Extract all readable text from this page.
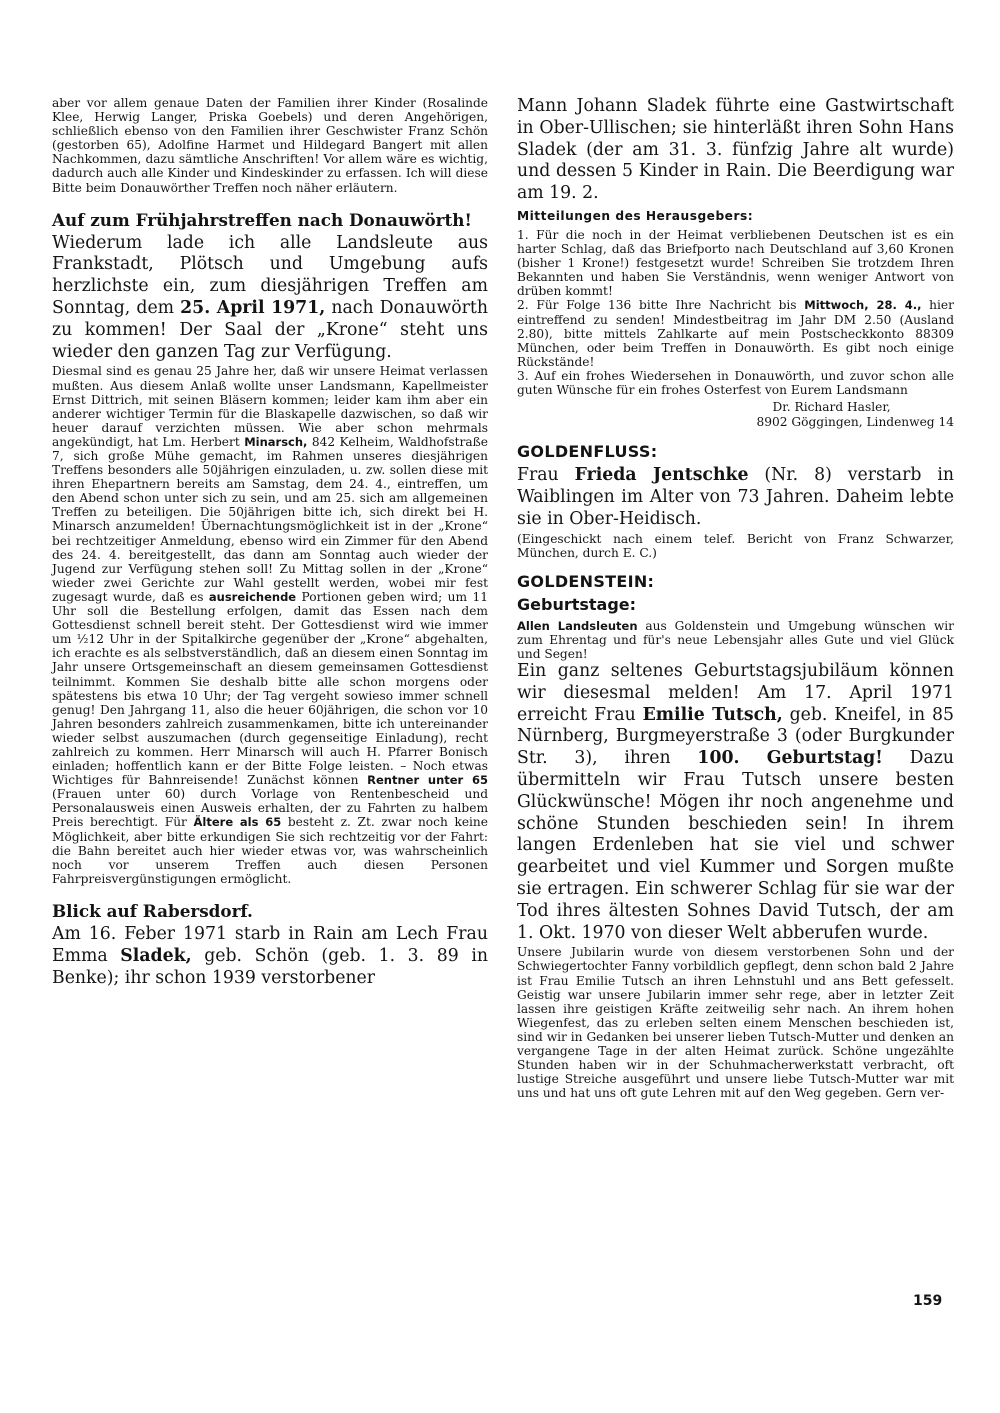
aber vor allem genaue Daten der Familien ihrer Kinder (Rosalinde Klee, Herwig Langer, Priska Goebels) und deren Angehörigen, schließlich ebenso von den Familien ihrer Geschwister Franz Schön (gestorben 65), Adolfine Harmet und Hildegard Bangert mit allen Nachkommen, dazu sämtliche Anschriften! Vor allem wäre es wichtig, dadurch auch alle Kinder und Kindeskinder zu erfassen. Ich will diese Bitte beim Donauwörther Treffen noch näher erläutern.

Auf zum Frühjahrstreffen nach Donauwörth!

Wiederum lade ich alle Landsleute aus Frankstadt, Plötsch und Umgebung aufs herzlichste ein, zum diesjährigen Treffen am Sonntag, dem 25. April 1971, nach Donauwörth zu kommen! Der Saal der „Krone“ steht uns wieder den ganzen Tag zur Verfügung.

Diesmal sind es genau 25 Jahre her, daß wir unsere Heimat verlassen mußten. Aus diesem Anlaß wollte unser Landsmann, Kapellmeister Ernst Dittrich, mit seinen Bläsern kommen; leider kam ihm aber ein anderer wichtiger Termin für die Blaskapelle dazwischen, so daß wir heuer darauf verzichten müssen. Wie aber schon mehrmals angekündigt, hat Lm. Herbert Minarsch, 842 Kelheim, Waldhofstraße 7, sich große Mühe gemacht, im Rahmen unseres diesjährigen Treffens besonders alle 50jährigen einzuladen, u. zw. sollen diese mit ihren Ehepartnern bereits am Samstag, dem 24. 4., eintreffen, um den Abend schon unter sich zu sein, und am 25. sich am allgemeinen Treffen zu beteiligen. Die 50jährigen bitte ich, sich direkt bei H. Minarsch anzumelden! Übernachtungsmöglichkeit ist in der „Krone“ bei rechtzeitiger Anmeldung, ebenso wird ein Zimmer für den Abend des 24. 4. bereitgestellt, das dann am Sonntag auch wieder der Jugend zur Verfügung stehen soll! Zu Mittag sollen in der „Krone“ wieder zwei Gerichte zur Wahl gestellt werden, wobei mir fest zugesagt wurde, daß es ausreichende Portionen geben wird; um 11 Uhr soll die Bestellung erfolgen, damit das Essen nach dem Gottesdienst schnell bereit steht. Der Gottesdienst wird wie immer um ½12 Uhr in der Spitalkirche gegenüber der „Krone“ abgehalten, ich erachte es als selbstverständlich, daß an diesem einen Sonntag im Jahr unsere Ortsgemeinschaft an diesem gemeinsamen Gottesdienst teilnimmt. Kommen Sie deshalb bitte alle schon morgens oder spätestens bis etwa 10 Uhr; der Tag vergeht sowieso immer schnell genug! Den Jahrgang 11, also die heuer 60jährigen, die schon vor 10 Jahren besonders zahlreich zusammenkamen, bitte ich untereinander wieder selbst auszumachen (durch gegenseitige Einladung), recht zahlreich zu kommen. Herr Minarsch will auch H. Pfarrer Bonisch einladen; hoffentlich kann er der Bitte Folge leisten. – Noch etwas Wichtiges für Bahnreisende! Zunächst können Rentner unter 65 (Frauen unter 60) durch Vorlage von Rentenbescheid und Personalausweis einen Ausweis erhalten, der zu Fahrten zu halbem Preis berechtigt. Für Ältere als 65 besteht z. Zt. zwar noch keine Möglichkeit, aber bitte erkundigen Sie sich rechtzeitig vor der Fahrt: die Bahn bereitet auch hier wieder etwas vor, was wahrscheinlich noch vor unserem Treffen auch diesen Personen Fahrpreisvergünstigungen ermöglicht.

Blick auf Rabersdorf.

Am 16. Feber 1971 starb in Rain am Lech Frau Emma Sladek, geb. Schön (geb. 1. 3. 89 in Benke); ihr schon 1939 verstorbener

Mann Johann Sladek führte eine Gastwirtschaft in Ober-Ullischen; sie hinterläßt ihren Sohn Hans Sladek (der am 31. 3. fünfzig Jahre alt wurde) und dessen 5 Kinder in Rain. Die Beerdigung war am 19. 2.

Mitteilungen des Herausgebers:

1. Für die noch in der Heimat verbliebenen Deutschen ist es ein harter Schlag, daß das Briefporto nach Deutschland auf 3,60 Kronen (bisher 1 Krone!) festgesetzt wurde! Schreiben Sie trotzdem Ihren Bekannten und haben Sie Verständnis, wenn weniger Antwort von drüben kommt!

2. Für Folge 136 bitte Ihre Nachricht bis Mittwoch, 28. 4., hier eintreffend zu senden! Mindestbeitrag im Jahr DM 2.50 (Ausland 2.80), bitte mittels Zahlkarte auf mein Postscheckkonto 88309 München, oder beim Treffen in Donauwörth. Es gibt noch einige Rückstände!

3. Auf ein frohes Wiedersehen in Donauwörth, und zuvor schon alle guten Wünsche für ein frohes Osterfest von Eurem Landsmann

Dr. Richard Hasler,
8902 Göggingen, Lindenweg 14
GOLDENFLUSS:

Frau Frieda Jentschke (Nr. 8) verstarb in Waiblingen im Alter von 73 Jahren. Daheim lebte sie in Ober-Heidisch.

(Eingeschickt nach einem telef. Bericht von Franz Schwarzer, München, durch E. C.)

GOLDENSTEIN:
Geburtstage:

Allen Landsleuten aus Goldenstein und Umgebung wünschen wir zum Ehrentag und für's neue Lebensjahr alles Gute und viel Glück und Segen!

Ein ganz seltenes Geburtstagsjubiläum können wir diesesmal melden! Am 17. April 1971 erreicht Frau Emilie Tutsch, geb. Kneifel, in 85 Nürnberg, Burgmeyerstraße 3 (oder Burgkunder Str. 3), ihren 100. Geburtstag! Dazu übermitteln wir Frau Tutsch unsere besten Glückwünsche! Mögen ihr noch angenehme und schöne Stunden beschieden sein! In ihrem langen Erdenleben hat sie viel und schwer gearbeitet und viel Kummer und Sorgen mußte sie ertragen. Ein schwerer Schlag für sie war der Tod ihres ältesten Sohnes David Tutsch, der am 1. Okt. 1970 von dieser Welt abberufen wurde.

Unsere Jubilarin wurde von diesem verstorbenen Sohn und der Schwiegertochter Fanny vorbildlich gepflegt, denn schon bald 2 Jahre ist Frau Emilie Tutsch an ihren Lehnstuhl und ans Bett gefesselt. Geistig war unsere Jubilarin immer sehr rege, aber in letzter Zeit lassen ihre geistigen Kräfte zeitweilig sehr nach. An ihrem hohen Wiegenfest, das zu erleben selten einem Menschen beschieden ist, sind wir in Gedanken bei unserer lieben Tutsch-Mutter und denken an vergangene Tage in der alten Heimat zurück. Schöne ungezählte Stunden haben wir in der Schuhmacherwerkstatt verbracht, oft lustige Streiche ausgeführt und unsere liebe Tutsch-Mutter war mit uns und hat uns oft gute Lehren mit auf den Weg gegeben. Gern ver-

159
